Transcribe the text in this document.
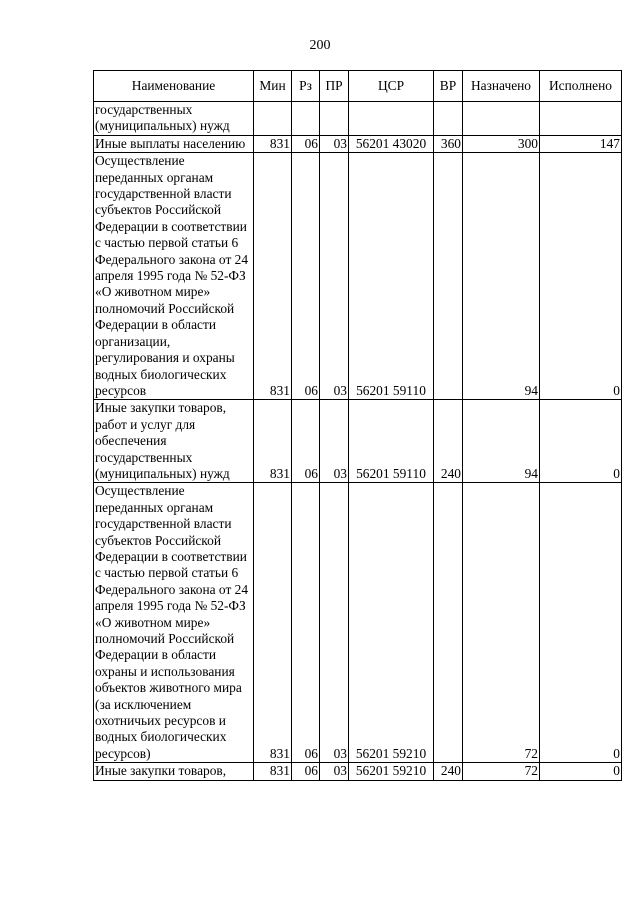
200
Наименование	Мин	Рз	ПР	ЦСР	ВР	Назначено	Исполнено
государственных (муниципальных) нужд							
Иные выплаты населению	831	06	03	56201 43020	360	300	147
Осуществление переданных органам государственной власти субъектов Российской Федерации в соответствии с частью первой статьи 6 Федерального закона от 24 апреля 1995 года № 52-ФЗ «О животном мире» полномочий Российской Федерации в области организации, регулирования и охраны водных биологических ресурсов	831	06	03	56201 59110		94	0
Иные закупки товаров, работ и услуг для обеспечения государственных (муниципальных) нужд	831	06	03	56201 59110	240	94	0
Осуществление переданных органам государственной власти субъектов Российской Федерации в соответствии с частью первой статьи 6 Федерального закона от 24 апреля 1995 года № 52-ФЗ «О животном мире» полномочий Российской Федерации в области охраны и использования объектов животного мира (за исключением охотничьих ресурсов и водных биологических ресурсов)	831	06	03	56201 59210		72	0
Иные закупки товаров,	831	06	03	56201 59210	240	72	0
